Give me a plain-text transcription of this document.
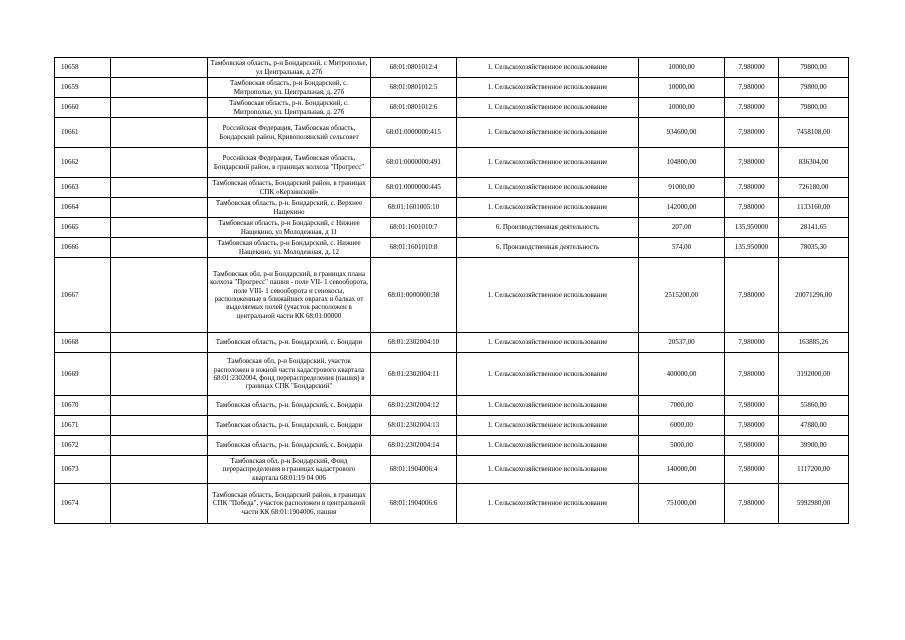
10658		Тамбовская область, р-н Бондарский, с Митрополье, ул Центральная, д 27б	68:01:0801012:4	1. Сельскохозяйственное использование	10000,00	7,980000	79800,00
10659		Тамбовская область, р-н Бондарский, с. Митрополье, ул. Центральная, д. 27б	68:01:0801012:5	1. Сельскохозяйственное использование	10000,00	7,980000	79800,00
10660		Тамбовская область, р-н. Бондарский, с. Митрополье, ул. Центральная, д. 27б	68:01:0801012:6	1. Сельскохозяйственное использование	10000,00	7,980000	79800,00
10661		Российская Федерация, Тамбовская область, Бондарский район, Кривополянский сельсовет	68:01:0000000:415	1. Сельскохозяйственное использование	934600,00	7,980000	7458108,00
10662		Российская Федерация, Тамбовская область, Бондарский район, в границах колхоза "Прогресс"	68:01:0000000:491	1. Сельскохозяйственное использование	104800,00	7,980000	836304,00
10663		Тамбовская область, Бондарский район, в границах СПК «Керзинский»	68:01:0000000:445	1. Сельскохозяйственное использование	91000,00	7,980000	726180,00
10664		Тамбовская область, р-н. Бондарский, с. Верхнее Нащекино	68:01:1601005:10	1. Сельскохозяйственное использование	142000,00	7,980000	1133160,00
10665		Тамбовская область, р-н Бондарский, с Нижнее Нащекино, ул Молодежная, д 11	68:01:1601010:7	6. Производственная деятельность	207,00	135,950000	28141,65
10666		Тамбовская область, р-н Бондарский, с. Нижнее Нащекино, ул. Молодежная, д. 12	68:01:1601010:8	6. Производственная деятельность	574,00	135,950000	78035,30
10667		Тамбовская обл, р-н Бондарский, в границах плана колхоза "Прогресс" пашня - поле VII- 1 севооборота, поле VIII- 1 севооборота и сенокосы, расположенные в ближайших оврагах и балках от выделяемых полей (участок расположен в центральной части КК 68:01:00000	68:01:0000000:38	1. Сельскохозяйственное использование	2515200,00	7,980000	20071296,00
10668		Тамбовская область, р-н. Бондарский, с. Бондари	68:01:2302004:10	1. Сельскохозяйственное использование	20537,00	7,980000	163885,26
10669		Тамбовская обл, р-н Бондарский, участок расположен в южной части кадастрового квартала 68:01:2302004, фонд перераспределения (пашня) в границах СПК "Бондарский"	68:01:2302004:11	1. Сельскохозяйственное использование	400000,00	7,980000	3192000,00
10670		Тамбовская область, р-н. Бондарский, с. Бондари	68:01:2302004:12	1. Сельскохозяйственное использование	7000,00	7,980000	55860,00
10671		Тамбовская область, р-н. Бондарский, с. Бондари	68:01:2302004:13	1. Сельскохозяйственное использование	6000,00	7,980000	47880,00
10672		Тамбовская область, р-н. Бондарский, с. Бондари	68:01:2302004:14	1. Сельскохозяйственное использование	5000,00	7,980000	39900,00
10673		Тамбовская обл, р-н Бондарский, Фонд перераспределения в границах кадастрового квартала 68:01:19 04 006	68:01:1904006:4	1. Сельскохозяйственное использование	140000,00	7,980000	1117200,00
10674		Тамбовская область, Бондарский район, в границах СПК "Победа", участок расположен в центральной части КК 68:01:1904006, пашня	68:01:1904006:6	1. Сельскохозяйственное использование	751000,00	7,980000	5992980,00
